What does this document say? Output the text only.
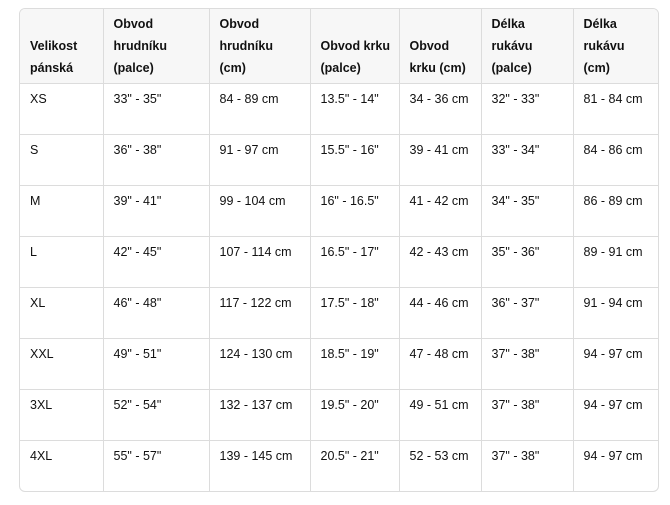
Velikost pánská	Obvod hrudníku (palce)	Obvod hrudníku (cm)	Obvod krku (palce)	Obvod krku (cm)	Délka rukávu (palce)	Délka rukávu (cm)
XS	33" - 35"	84 - 89 cm	13.5" - 14"	34 - 36 cm	32" - 33"	81 - 84 cm
S	36" - 38"	91 - 97 cm	15.5" - 16"	39 - 41 cm	33" - 34"	84 - 86 cm
M	39" - 41"	99 - 104 cm	16" - 16.5"	41 - 42 cm	34" - 35"	86 - 89 cm
L	42" - 45"	107 - 114 cm	16.5" - 17"	42 - 43 cm	35" - 36"	89 - 91 cm
XL	46" - 48"	117 - 122 cm	17.5" - 18"	44 - 46 cm	36" - 37"	91 - 94 cm
XXL	49" - 51"	124 - 130 cm	18.5" - 19"	47 - 48 cm	37" - 38"	94 - 97 cm
3XL	52" - 54"	132 - 137 cm	19.5" - 20"	49 - 51 cm	37" - 38"	94 - 97 cm
4XL	55" - 57"	139 - 145 cm	20.5" - 21"	52 - 53 cm	37" - 38"	94 - 97 cm
